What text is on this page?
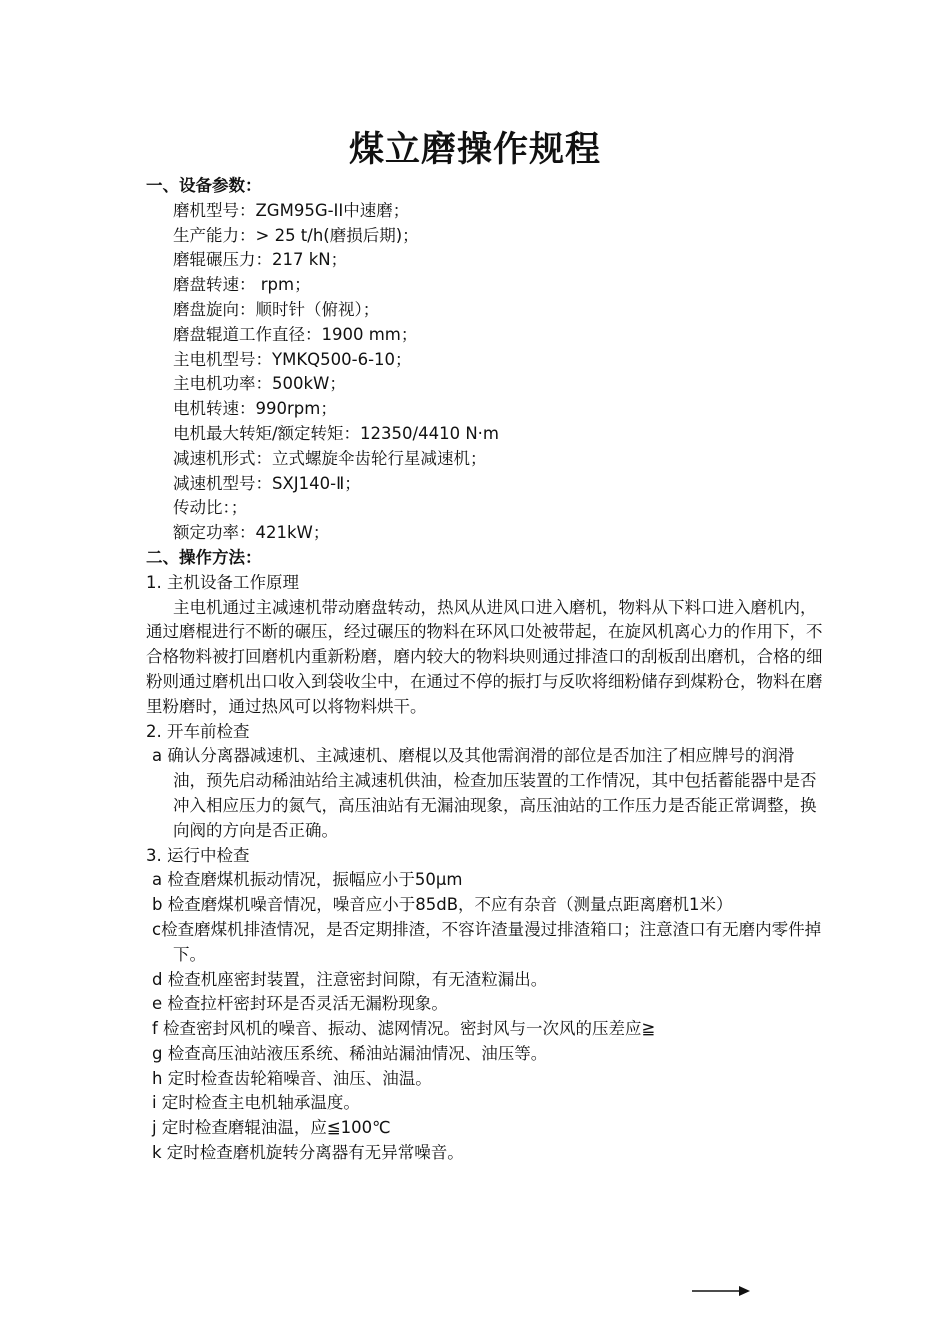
煤立磨操作规程

一、设备参数：

磨机型号：ZGM95G-II中速磨；

生产能力：> 25 t/h(磨损后期)；

磨辊碾压力：217 kN；

磨盘转速： rpm；

磨盘旋向：顺时针（俯视）；

磨盘辊道工作直径：1900 mm；

主电机型号：YMKQ500-6-10；

主电机功率：500kW；

电机转速：990rpm；

电机最大转矩/额定转矩：12350/4410 N·m

减速机形式：立式螺旋伞齿轮行星减速机；

减速机型号：SXJ140-Ⅱ；

传动比：；

额定功率：421kW；

二、操作方法：

1. 主机设备工作原理

主电机通过主减速机带动磨盘转动，热风从进风口进入磨机，物料从下料口进入磨机内，通过磨棍进行不断的碾压，经过碾压的物料在环风口处被带起，在旋风机离心力的作用下，不合格物料被打回磨机内重新粉磨，磨内较大的物料块则通过排渣口的刮板刮出磨机，合格的细粉则通过磨机出口收入到袋收尘中，在通过不停的振打与反吹将细粉储存到煤粉仓，物料在磨里粉磨时，通过热风可以将物料烘干。

2. 开车前检查

a 确认分离器减速机、主减速机、磨棍以及其他需润滑的部位是否加注了相应牌号的润滑油，预先启动稀油站给主减速机供油，检查加压装置的工作情况，其中包括蓄能器中是否冲入相应压力的氮气，高压油站有无漏油现象，高压油站的工作压力是否能正常调整，换向阀的方向是否正确。

3. 运行中检查

a 检查磨煤机振动情况，振幅应小于50μm

b 检查磨煤机噪音情况，噪音应小于85dB，不应有杂音（测量点距离磨机1米）

c检查磨煤机排渣情况，是否定期排渣，不容许渣量漫过排渣箱口；注意渣口有无磨内零件掉下。

d 检查机座密封装置，注意密封间隙，有无渣粒漏出。

e 检查拉杆密封环是否灵活无漏粉现象。

f 检查密封风机的噪音、振动、滤网情况。密封风与一次风的压差应≧

g 检查高压油站液压系统、稀油站漏油情况、油压等。

h 定时检查齿轮箱噪音、油压、油温。

i 定时检查主电机轴承温度。

j 定时检查磨辊油温，应≦100℃

k 定时检查磨机旋转分离器有无异常噪音。
